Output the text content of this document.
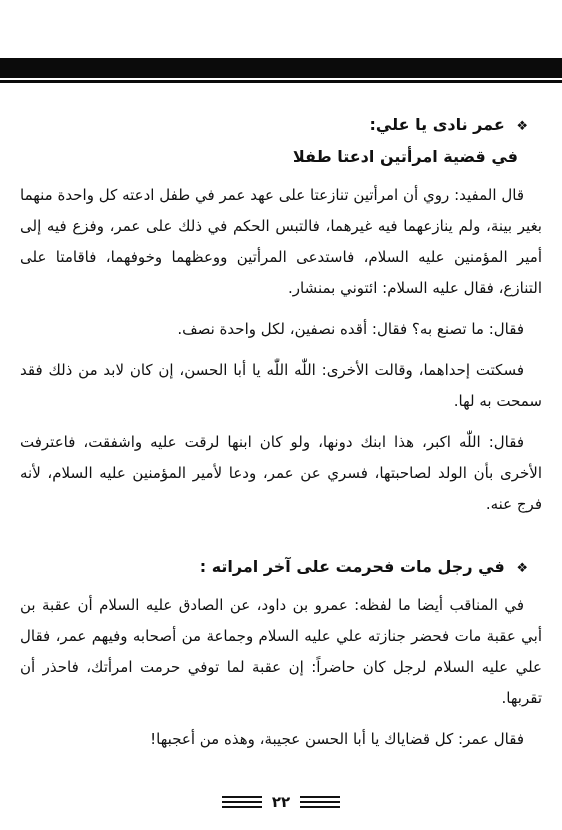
❖ عمر نادى يا علي:

في قضية امرأتين ادعتا طفلا

قال المفيد: روي أن امرأتين تنازعتا على عهد عمر في طفل ادعته كل واحدة منهما بغير بينة، ولم ينازعهما فيه غيرهما، فالتبس الحكم في ذلك على عمر، وفزع فيه إلى أمير المؤمنين عليه السلام، فاستدعى المرأتين ووعظهما وخوفهما، فاقامتا على التنازع، فقال عليه السلام: ائتوني بمنشار.

فقال: ما تصنع به؟ فقال: أقده نصفين، لكل واحدة نصف.

فسكتت إحداهما، وقالت الأخرى: اللّٰه اللّٰه يا أبا الحسن، إن كان لابد من ذلك فقد سمحت به لها.

فقال: اللّٰه اكبر، هذا ابنك دونها، ولو كان ابنها لرقت عليه واشفقت، فاعترفت الأخرى بأن الولد لصاحبتها، فسري عن عمر، ودعا لأمير المؤمنين عليه السلام، لأنه فرج عنه.

❖ في رجل مات فحرمت على آخر امراته :

في المناقب أيضا ما لفظه: عمرو بن داود، عن الصادق عليه السلام أن عقبة بن أبي عقبة مات فحضر جنازته علي عليه السلام وجماعة من أصحابه وفيهم عمر، فقال علي عليه السلام لرجل كان حاضراً: إن عقبة لما توفي حرمت امرأتك، فاحذر أن تقربها.

فقال عمر: كل قضاياك يا أبا الحسن عجيبة، وهذه من أعجبها!

٢٢
